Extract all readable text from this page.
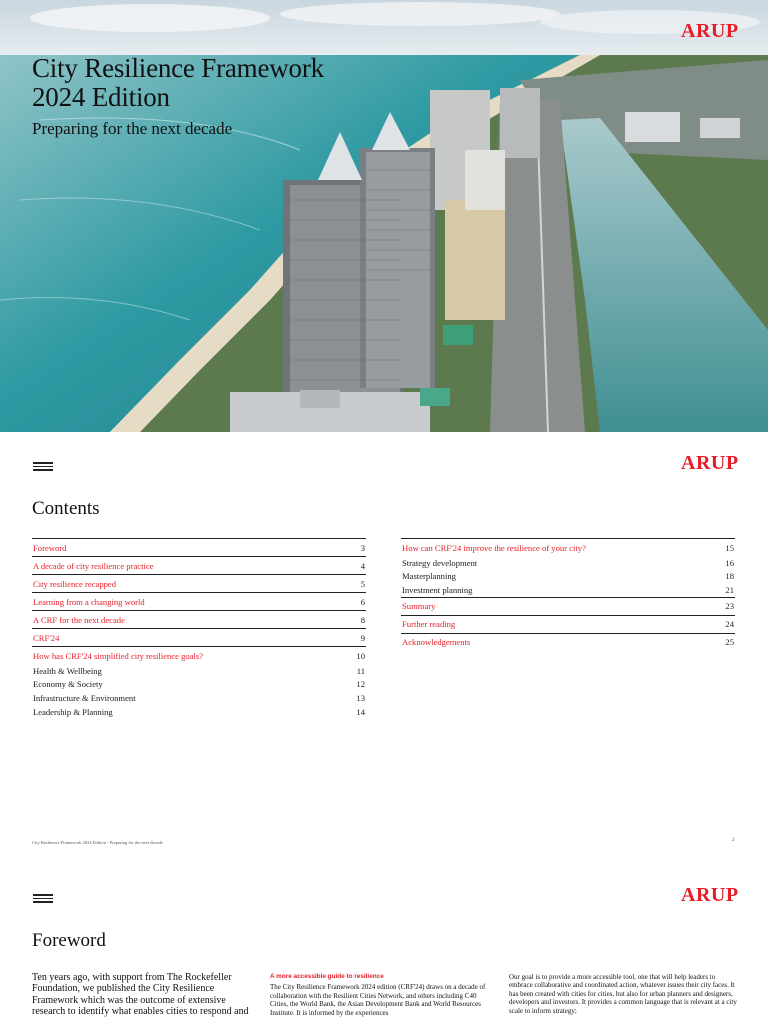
City Resilience Framework
2024 Edition
Preparing for the next decade
ARUP
ARUP
Contents
Foreword	3
A decade of city resilience practice	4
City resilience recapped	5
Learning from a changing world	6
A CRF for the next decade	8
CRF'24	9
How has CRF'24 simplified city resilience goals?	10
Health & Wellbeing	11
Economy & Society	12
Infrastructure & Environment	13
Leadership & Planning	14
How can CRF'24 improve the resilience of your city?	15
Strategy development	16
Masterplanning	18
Investment planning	21
Summary	23
Further reading	24
Acknowledgements	25
City Resilience Framework 2024 Edition - Preparing for the next decade	2
ARUP
Foreword
Ten years ago, with support from The Rockefeller Foundation, we published the City Resilience Framework which was the outcome of extensive research to identify what enables cities to respond and
A more accessible guide to resilience
The City Resilience Framework 2024 edition (CRF'24) draws on a decade of collaboration with the Resilient Cities Network, and others including C40 Cities, the World Bank, the Asian Development Bank and World Resources Institute. It is informed by the experiences
Our goal is to provide a more accessible tool, one that will help leaders to embrace collaborative and coordinated action, whatever issues their city faces. It has been created with cities for cities, but also for urban planners and designers, developers and investors. It provides a common language that is relevant at a city scale to inform strategy;
